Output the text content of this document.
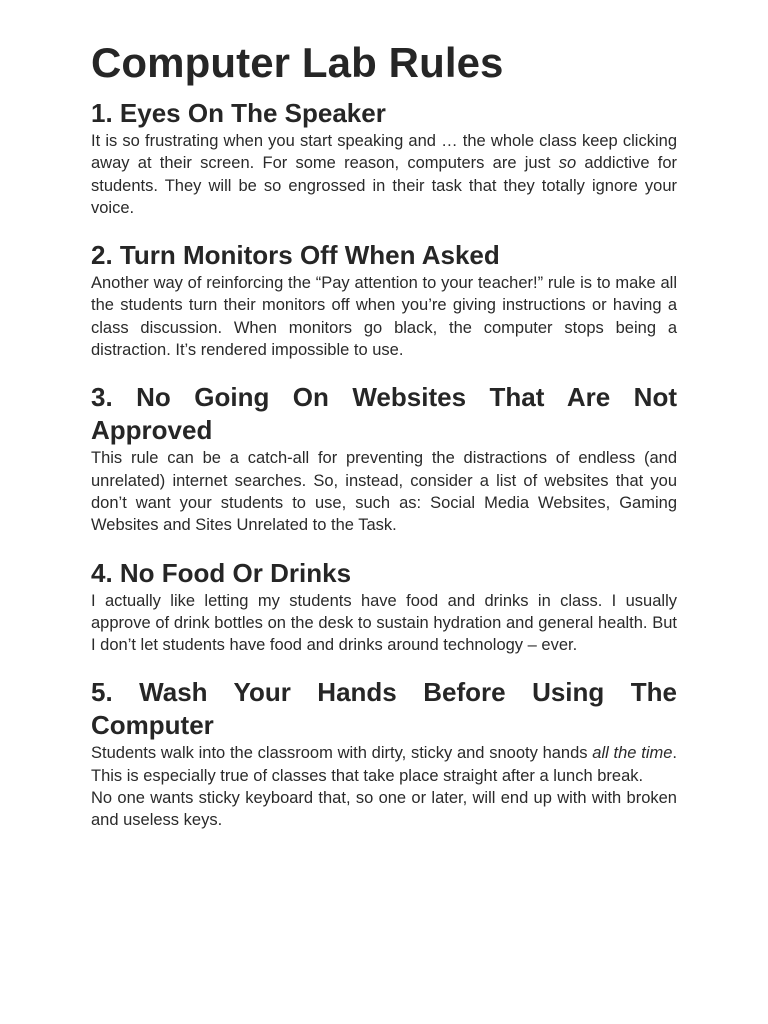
Computer Lab Rules
1. Eyes On The Speaker

It is so frustrating when you start speaking and … the whole class keep clicking away at their screen. For some reason, computers are just so addictive for students. They will be so engrossed in their task that they totally ignore your voice.

2. Turn Monitors Off When Asked

Another way of reinforcing the “Pay attention to your teacher!” rule is to make all the students turn their monitors off when you’re giving instructions or having a class discussion. When monitors go black, the computer stops being a distraction. It’s rendered impossible to use.

3. No Going On Websites That Are Not Approved

This rule can be a catch-all for preventing the distractions of endless (and unrelated) internet searches. So, instead, consider a list of websites that you don’t want your students to use, such as: Social Media Websites, Gaming Websites and Sites Unrelated to the Task.

4. No Food Or Drinks

I actually like letting my students have food and drinks in class. I usually approve of drink bottles on the desk to sustain hydration and general health. But I don’t let students have food and drinks around technology – ever.

5. Wash Your Hands Before Using The Computer

Students walk into the classroom with dirty, sticky and snooty hands all the time. This is especially true of classes that take place straight after a lunch break.

No one wants sticky keyboard that, so one or later, will end up with with broken and useless keys.
